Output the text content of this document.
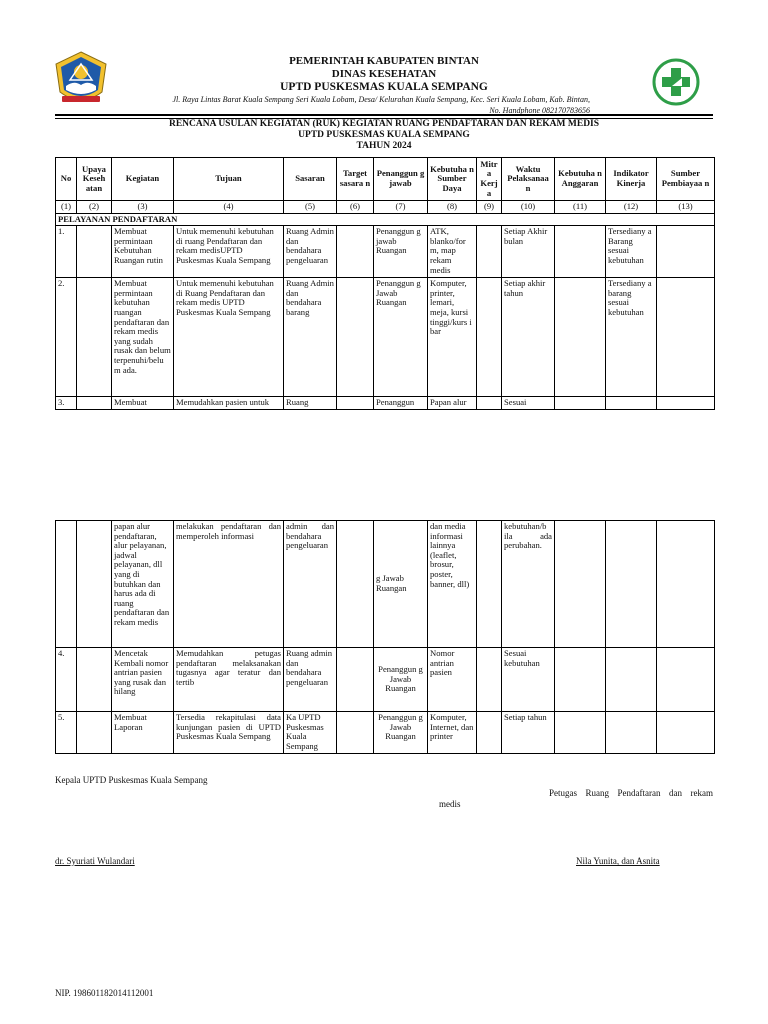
PEMERINTAH KABUPATEN BINTAN
DINAS KESEHATAN
UPTD PUSKESMAS KUALA SEMPANG
Jl. Raya Lintas Barat Kuala Sempang Seri Kuala Lobam, Desa/ Kelurahan Kuala Sempang, Kec. Seri Kuala Lobam, Kab. Bintan,
No. Handphone 082170783656
RENCANA USULAN KEGIATAN (RUK) KEGIATAN RUANG PENDAFTARAN DAN REKAM MEDIS
UPTD PUSKESMAS KUALA SEMPANG
TAHUN 2024
No	Upaya Keseh atan	Kegiatan	Tujuan	Sasaran	Target sasara n	Penanggun g jawab	Kebutuha n Sumber Daya	Mitr a Kerj a	Waktu Pelaksanaa n	Kebutuha n Anggaran	Indikator Kinerja	Sumber Pembiayaa n
(1)	(2)	(3)	(4)	(5)	(6)	(7)	(8)	(9)	(10)	(11)	(12)	(13)
PELAYANAN PENDAFTARAN												
1.		Membuat permintaan Kebutuhan Ruangan rutin	Untuk memenuhi kebutuhan di ruang Pendaftaran dan rekam medisUPTD Puskesmas Kuala Sempang	Ruang Admin dan bendahara pengeluaran		Penanggun g jawab Ruangan	ATK, blanko/for m, map rekam medis		Setiap Akhir bulan		Tersediany a Barang sesuai kebutuhan	
2.		Membuat permintaan kebutuhan ruangan pendaftaran dan rekam medis yang sudah rusak dan belum terpenuhi/belu m ada.	Untuk memenuhi kebutuhan di Ruang Pendaftaran dan rekam medis UPTD Puskesmas Kuala Sempang	Ruang Admin dan bendahara barang		Penanggun g Jawab Ruangan	Komputer, printer, lemari, meja, kursi tinggi/kurs i bar		Setiap akhir tahun		Tersediany a barang sesuai kebutuhan	
3.		Membuat	Memudahkan pasien untuk	Ruang		Penanggun	Papan alur		Sesuai			
		papan alur pendaftaran, alur pelayanan, jadwal pelayanan, dll yang di butuhkan dan harus ada di ruang pendaftaran dan rekam medis	melakukan pendaftaran dan memperoleh informasi	admin dan bendahara pengeluaran		g Jawab Ruangan	dan media informasi lainnya (leaflet, brosur, poster, banner, dll)		kebutuhan/b ila ada perubahan.			
4.		Mencetak Kembali nomor antrian pasien yang rusak dan hilang	Memudahkan petugas pendaftaran melaksanakan tugasnya agar teratur dan tertib	Ruang admin dan bendahara pengeluaran		Penanggun g Jawab Ruangan	Nomor antrian pasien		Sesuai kebutuhan			
5.		Membuat Laporan	Tersedia rekapitulasi data kunjungan pasien di UPTD Puskesmas Kuala Sempang	Ka UPTD Puskesmas Kuala Sempang		Penanggun g Jawab Ruangan	Komputer, Internet, dan printer		Setiap tahun			
Kepala UPTD Puskesmas Kuala Sempang
Petugas Ruang Pendaftaran dan rekam
medis
dr. Syuriati Wulandari	Nila Yunita, dan Asnita
NIP. 198601182014112001
